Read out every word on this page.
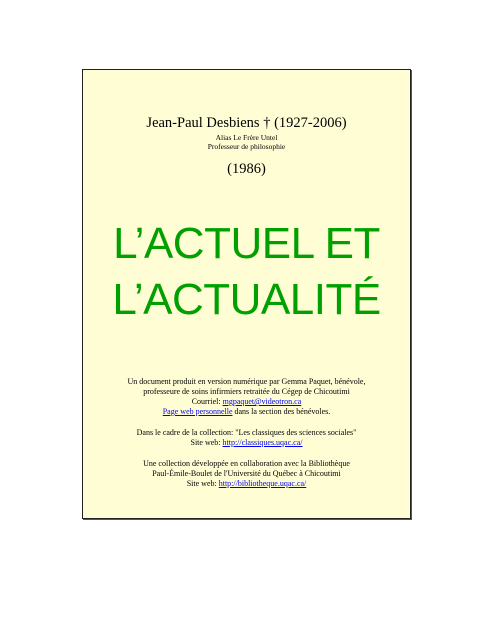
Jean-Paul Desbiens † (1927-2006)
Alias Le Frère Untel
Professeur de philosophie
(1986)
L’ACTUEL ET
L’ACTUALITÉ
Un document produit en version numérique par Gemma Paquet, bénévole,
professeure de soins infirmiers retraitée du Cégep de Chicoutimi
Courriel: mgpaquet@videotron.ca
Page web personnelle dans la section des bénévoles.
Dans le cadre de la collection: "Les classiques des sciences sociales"
Site web: http://classiques.uqac.ca/
Une collection développée en collaboration avec la Bibliothèque
Paul-Émile-Boulet de l'Université du Québec à Chicoutimi
Site web: http://bibliotheque.uqac.ca/
